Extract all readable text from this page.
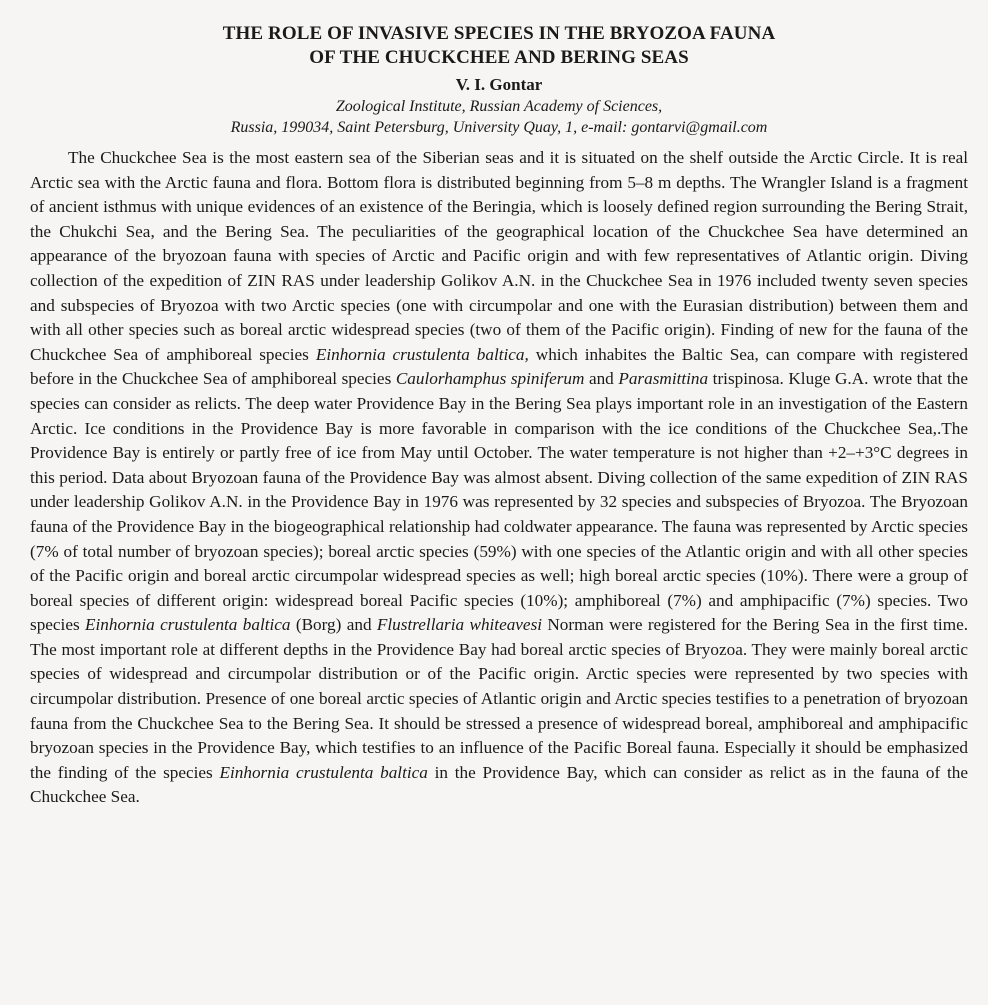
THE ROLE OF INVASIVE SPECIES IN THE BRYOZOA FAUNA
OF THE CHUCKCHEE AND BERING SEAS
V. I. Gontar
Zoological Institute, Russian Academy of Sciences,
Russia, 199034, Saint Petersburg, University Quay, 1, e-mail: gontarvi@gmail.com

The Chuckchee Sea is the most eastern sea of the Siberian seas and it is situated on the shelf outside the Arctic Circle. It is real Arctic sea with the Arctic fauna and flora. Bottom flora is distributed beginning from 5–8 m depths. The Wrangler Island is a fragment of ancient isthmus with unique evidences of an existence of the Beringia, which is loosely defined region surrounding the Bering Strait, the Chukchi Sea, and the Bering Sea. The peculiarities of the geographical location of the Chuckchee Sea have determined an appearance of the bryozoan fauna with species of Arctic and Pacific origin and with few representatives of Atlantic origin. Diving collection of the expedition of ZIN RAS under leadership Golikov A.N. in the Chuckchee Sea in 1976 included twenty seven species and subspecies of Bryozoa with two Arctic species (one with circumpolar and one with the Eurasian distribution) between them and with all other species such as boreal arctic widespread species (two of them of the Pacific origin). Finding of new for the fauna of the Chuckchee Sea of amphiboreal species Einhornia crustulenta baltica, which inhabites the Baltic Sea, can compare with registered before in the Chuckchee Sea of amphiboreal species Caulorhamphus spiniferum and Parasmittina trispinosa. Kluge G.A. wrote that the species can consider as relicts. The deep water Providence Bay in the Bering Sea plays important role in an investigation of the Eastern Arctic. Ice conditions in the Providence Bay is more favorable in comparison with the ice conditions of the Chuckchee Sea,.The Providence Bay is entirely or partly free of ice from May until October. The water temperature is not higher than +2–+3°C degrees in this period. Data about Bryozoan fauna of the Providence Bay was almost absent. Diving collection of the same expedition of ZIN RAS under leadership Golikov A.N. in the Providence Bay in 1976 was represented by 32 species and subspecies of Bryozoa. The Bryozoan fauna of the Providence Bay in the biogeographical relationship had coldwater appearance. The fauna was represented by Arctic species (7% of total number of bryozoan species); boreal arctic species (59%) with one species of the Atlantic origin and with all other species of the Pacific origin and boreal arctic circumpolar widespread species as well; high boreal arctic species (10%). There were a group of boreal species of different origin: widespread boreal Pacific species (10%); amphiboreal (7%) and amphipacific (7%) species. Two species Einhornia crustulenta baltica (Borg) and Flustrellaria whiteavesi Norman were registered for the Bering Sea in the first time. The most important role at different depths in the Providence Bay had boreal arctic species of Bryozoa. They were mainly boreal arctic species of widespread and circumpolar distribution or of the Pacific origin. Arctic species were represented by two species with circumpolar distribution. Presence of one boreal arctic species of Atlantic origin and Arctic species testifies to a penetration of bryozoan fauna from the Chuckchee Sea to the Bering Sea. It should be stressed a presence of widespread boreal, amphiboreal and amphipacific bryozoan species in the Providence Bay, which testifies to an influence of the Pacific Boreal fauna. Especially it should be emphasized the finding of the species Einhornia crustulenta baltica in the Providence Bay, which can consider as relict as in the fauna of the Chuckchee Sea.
